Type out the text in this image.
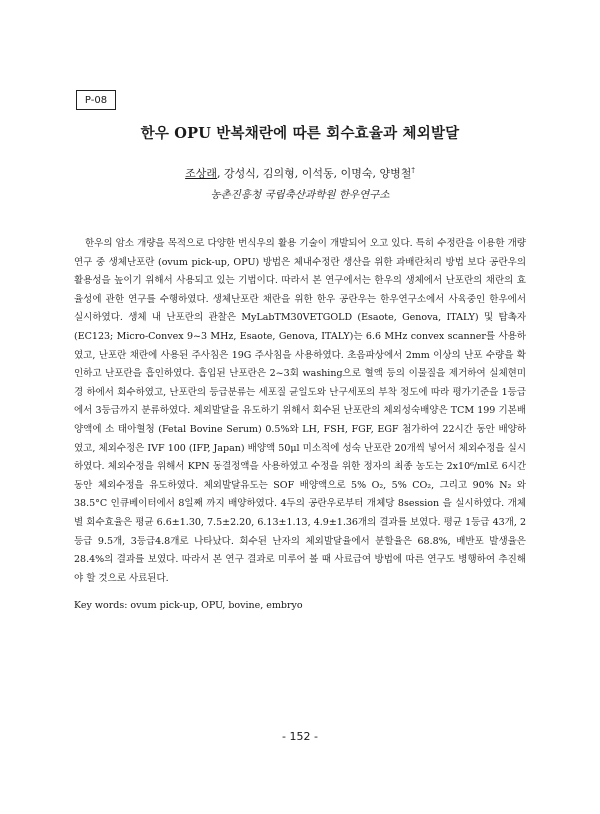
P-08
한우 OPU 반복채란에 따른 회수효율과 체외발달
조상래, 강성식, 김의형, 이석동, 이명숙, 양병철†
농촌진흥청 국립축산과학원 한우연구소

한우의 암소 개량을 목적으로 다양한 번식우의 활용 기술이 개발되어 오고 있다. 특히 수정란을 이용한 개량 연구 중 생체난포란 (ovum pick-up, OPU) 방법은 체내수정란 생산을 위한 과배란처리 방법 보다 공란우의 활용성을 높이기 위해서 사용되고 있는 기법이다. 따라서 본 연구에서는 한우의 생체에서 난포란의 채란의 효율성에 관한 연구를 수행하였다. 생체난포란 채란을 위한 한우 공란우는 한우연구소에서 사육중인 한우에서 실시하였다. 생체 내 난포란의 관찰은 MyLabTM30VETGOLD (Esaote, Genova, ITALY) 및 탐촉자 (EC123; Micro-Convex 9~3 MHz, Esaote, Genova, ITALY)는 6.6 MHz convex scanner를 사용하였고, 난포란 채란에 사용된 주사침은 19G 주사침을 사용하였다. 초음파상에서 2mm 이상의 난포 수량을 확인하고 난포란을 흡인하였다. 흡입된 난포란은 2~3회 washing으로 혈액 등의 이물질을 제거하여 실체현미경 하에서 회수하였고, 난포란의 등급분류는 세포질 균일도와 난구세포의 부착 정도에 따라 평가기준을 1등급에서 3등급까지 분류하였다. 체외발달을 유도하기 위해서 회수된 난포란의 체외성숙배양은 TCM 199 기본배양액에 소 태아혈청 (Fetal Bovine Serum) 0.5%와 LH, FSH, FGF, EGF 첨가하여 22시간 동안 배양하였고, 체외수정은 IVF 100 (IFP, Japan) 배양액 50μl 미소적에 성숙 난포란 20개씩 넣어서 체외수정을 실시하였다. 체외수정을 위해서 KPN 동결정액을 사용하였고 수정을 위한 정자의 최종 농도는 2x10⁶/ml로 6시간 동안 체외수정을 유도하였다. 체외발달유도는 SOF 배양액으로 5% O₂, 5% CO₂, 그리고 90% N₂ 와 38.5°C 인큐베이터에서 8일째 까지 배양하였다. 4두의 공란우로부터 개체당 8session 을 실시하였다. 개체별 회수효율은 평균 6.6±1.30, 7.5±2.20, 6.13±1.13, 4.9±1.36개의 결과를 보였다. 평균 1등급 43개, 2등급 9.5개, 3등급4.8개로 나타났다. 회수된 난자의 체외발달율에서 분할율은 68.8%, 배반포 발생율은 28.4%의 결과를 보였다. 따라서 본 연구 결과로 미루어 볼 때 사료급여 방법에 따른 연구도 병행하여 추진해야 할 것으로 사료된다.

Key words: ovum pick-up, OPU, bovine, embryo

- 152 -
